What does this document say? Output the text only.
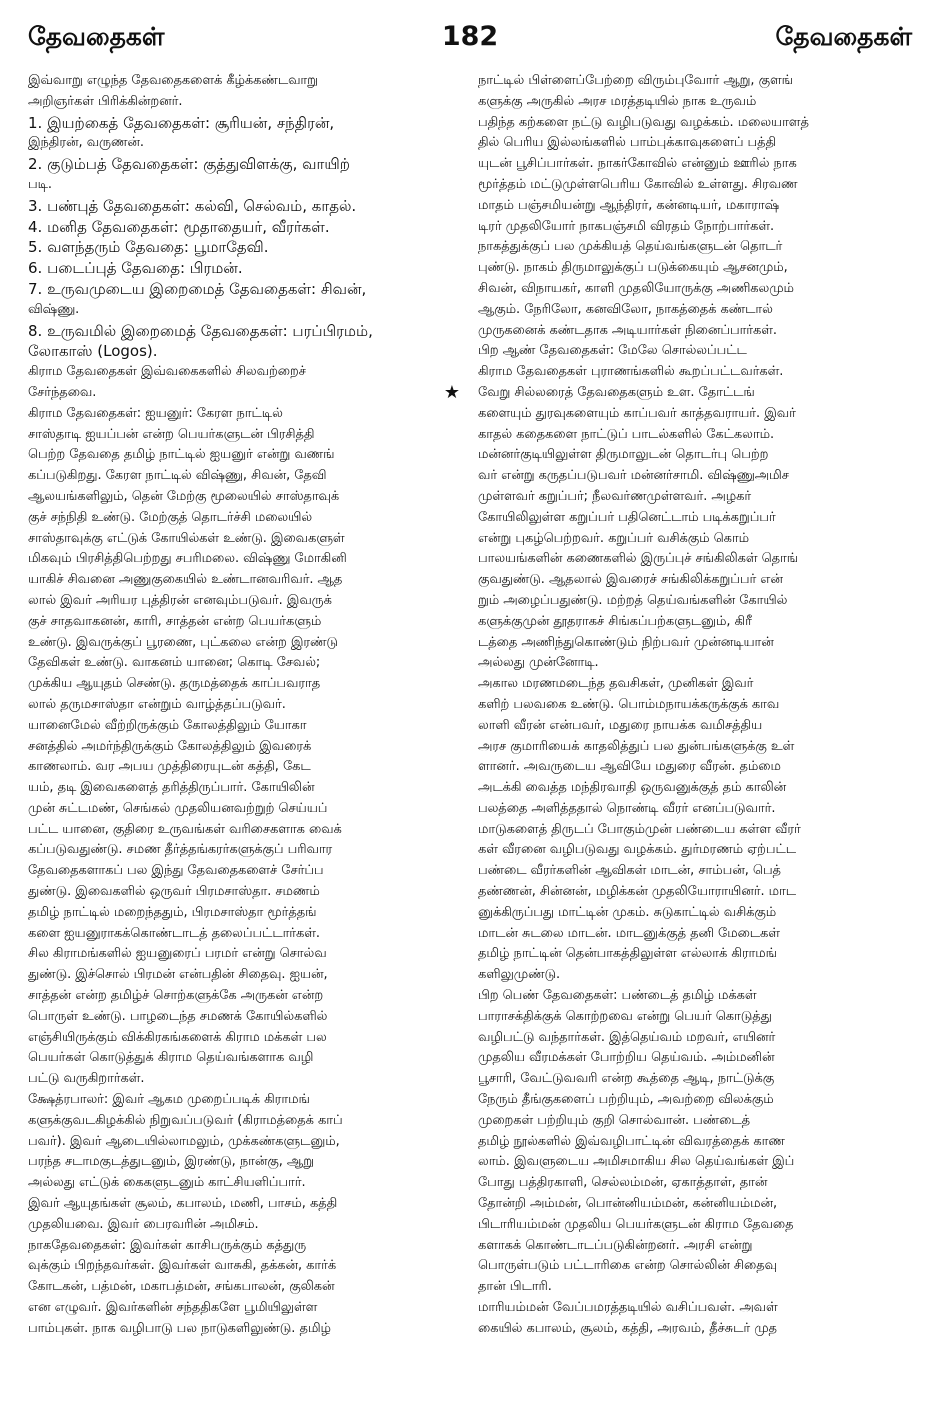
தேவதைகள்	182	தேவதைகள்
இவ்வாறு எழுந்த தேவதைகளைக் கீழ்க்கண்டவாறு
அறிஞர்கள் பிரிக்கின்றனர்.
1. இயற்கைத் தேவதைகள்: சூரியன், சந்திரன்,
இந்திரன், வருணன்.
2. குடும்பத் தேவதைகள்: குத்துவிளக்கு, வாயிற்
படி.
3. பண்புத் தேவதைகள்: கல்வி, செல்வம், காதல்.
4. மனித தேவதைகள்: மூதாதையர், வீரர்கள்.
5. வளந்தரும் தேவதை: பூமாதேவி.
6. படைப்புத் தேவதை: பிரமன்.
7. உருவமுடைய இறைமைத் தேவதைகள்: சிவன்,
விஷ்ணு.
8. உருவமில் இறைமைத் தேவதைகள்: பரப்பிரமம்,
லோகாஸ் (Logos).
கிராம தேவதைகள் இவ்வகைகளில் சிலவற்றைச்
சேர்ந்தவை. ★
கிராம தேவதைகள்: ஐயனுர்: கேரள நாட்டில்
சாஸ்தாடி ஐயப்பன் என்ற பெயர்களுடன் பிரசித்தி
பெற்ற தேவதை தமிழ் நாட்டில் ஐயனுர் என்று வணங்
கப்படுகிறது. கேரள நாட்டில் விஷ்ணு, சிவன், தேவி
ஆலயங்களிலும், தென் மேற்கு மூலையில் சாஸ்தாவுக்
குச் சந்நிதி உண்டு. மேற்குத் தொடர்ச்சி மலையில்
சாஸ்தாவுக்கு எட்டுக் கோயில்கள் உண்டு. இவைகளுள்
மிகவும் பிரசித்திபெற்றது சபரிமலை. விஷ்ணு மோகினி
யாகிச் சிவனை அணுகுகையில் உண்டானவரிவர். ஆத
லால் இவர் அரியர புத்திரன் எனவும்படுவர். இவருக்
குச் சாதவாகனன், காரி, சாத்தன் என்ற பெயர்களும்
உண்டு. இவருக்குப் பூரணை, புட்கலை என்ற இரண்டு
தேவிகள் உண்டு. வாகனம் யானை; கொடி சேவல்;
முக்கிய ஆயுதம் செண்டு. தருமத்தைக் காப்பவராத
லால் தருமசாஸ்தா என்றும் வாழ்த்தப்படுவர்.
யானைமேல் வீற்றிருக்கும் கோலத்திலும் யோகா
சனத்தில் அமர்ந்திருக்கும் கோலத்திலும் இவரைக்
காணலாம். வர அபய முத்திரையுடன் கத்தி, கேட
யம், தடி இவைகளைத் தரித்திருப்பார். கோயிலின்
முன் சுட்டமண், செங்கல் முதலியனவற்றுற் செய்யப்
பட்ட யானை, குதிரை உருவங்கள் வரிசைகளாக வைக்
கப்படுவதுண்டு. சமண தீர்த்தங்கரர்களுக்குப் பரிவார
தேவதைகளாகப் பல இந்து தேவதைகளைச் சேர்ப்ப
துண்டு. இவைகளில் ஒருவர் பிரமசாஸ்தா. சமணம்
தமிழ் நாட்டில் மறைந்ததும், பிரமசாஸ்தா மூர்த்தங்
களை ஐயனுராகக்கொண்டாடத் தலைப்பட்டார்கள்.
சில கிராமங்களில் ஐயனுரைப் பரமர் என்று சொல்வ
துண்டு. இச்சொல் பிரமன் என்பதின் சிதைவு. ஐயன்,
சாத்தன் என்ற தமிழ்ச் சொற்களுக்கே அருகன் என்ற
பொருள் உண்டு. பாழடைந்த சமணக் கோயில்களில்
எஞ்சியிருக்கும் விக்கிரகங்களைக் கிராம மக்கள் பல
பெயர்கள் கொடுத்துக் கிராம தெய்வங்களாக வழி
பட்டு வருகிறார்கள்.
க்ஷேத்ரபாலர்: இவர் ஆகம முறைப்படிக் கிராமங்
களுக்குவடகிழக்கில் நிறுவப்படுவர் (கிராமத்தைக் காப்
பவர்). இவர் ஆடையில்லாமலும், முக்கண்களுடனும்,
பரந்த சடாமகுடத்துடனும், இரண்டு, நான்கு, ஆறு
அல்லது எட்டுக் கைகளுடனும் காட்சியளிப்பார்.
இவர் ஆயுதங்கள் சூலம், கபாலம், மணி, பாசம், கத்தி
முதலியவை. இவர் பைரவரின் அமிசம்.
நாகதேவதைகள்: இவர்கள் காசிபருக்கும் கத்துரு
வுக்கும் பிறந்தவர்கள். இவர்கள் வாசுகி, தக்கன், கார்க்
கோடகன், பத்மன், மகாபத்மன், சங்கபாலன், குலிகன்
என எழுவர். இவர்களின் சந்ததிகளே பூமியிலுள்ள
பாம்புகள். நாக வழிபாடு பல நாடுகளிலுண்டு. தமிழ்
நாட்டில் பிள்ளைப்பேற்றை விரும்புவோர் ஆறு, குளங்
களுக்கு அருகில் அரச மரத்தடியில் நாக உருவம்
பதிந்த கற்களை நட்டு வழிபடுவது வழக்கம். மலையாளத்
தில் பெரிய இல்லங்களில் பாம்புக்காவுகளைப் பத்தி
யுடன் பூசிப்பார்கள். நாகர்கோவில் என்னும் ஊரில் நாக
மூர்த்தம் மட்டுமுள்ளபெரிய கோவில் உள்ளது. சிரவண
மாதம் பஞ்சமியன்று ஆந்திரர், கன்னடியர், மகாராஷ்
டிரர் முதலியோர் நாகபஞ்சமி விரதம் நோற்பார்கள்.
நாகத்துக்குப் பல முக்கியத் தெய்வங்களுடன் தொடர்
புண்டு. நாகம் திருமாலுக்குப் படுக்கையும் ஆசனமும்,
சிவன், விநாயகர், காளி முதலியோருக்கு அணிகலமும்
ஆகும். நேரிலோ, கனவிலோ, நாகத்தைக் கண்டால்
முருகனைக் கண்டதாக அடியார்கள் நினைப்பார்கள்.
பிற ஆண் தேவதைகள்: மேலே சொல்லப்பட்ட
கிராம தேவதைகள் புராணங்களில் கூறப்பட்டவர்கள்.
வேறு சில்லரைத் தேவதைகளும் உள. தோட்டங்
களையும் துரவுகளையும் காப்பவர் காத்தவராயர். இவர்
காதல் கதைகளை நாட்டுப் பாடல்களில் கேட்கலாம்.
மன்னர்குடியிலுள்ள திருமாலுடன் தொடர்பு பெற்ற
வர் என்று கருதப்படுபவர் மன்னர்சாமி. விஷ்ணுஅமிச
முள்ளவர் கறுப்பர்; நீலவர்ணமுள்ளவர். அழகர்
கோயிலிலுள்ள கறுப்பர் பதினெட்டாம் படிக்கறுப்பர்
என்று புகழ்பெற்றவர். கறுப்பர் வசிக்கும் கொம்
பாலயங்களின் கணைகளில் இருப்புச் சங்கிலிகள் தொங்
குவதுண்டு. ஆதலால் இவரைச் சங்கிலிக்கறுப்பர் என்
றும் அழைப்பதுண்டு. மற்றத் தெய்வங்களின் கோயில்
களுக்குமுன் தூதராகச் சிங்கப்பற்களுடனும், கிரீ
டத்தை அணிந்துகொண்டும் நிற்பவர் முன்னடியான்
அல்லது முன்னோடி.
அகால மரணமடைந்த தவசிகள், முனிகள் இவர்
களிற் பலவகை உண்டு. பொம்மநாயக்கருக்குக் காவ
லாளி வீரன் என்பவர், மதுரை நாயக்க வமிசத்திய
அரச குமாரியைக் காதலித்துப் பல துன்பங்களுக்கு உள்
ளானர். அவருடைய ஆவியே மதுரை வீரன். தம்மை
அடக்கி வைத்த மந்திரவாதி ஒருவனுக்குத் தம் காலின்
பலத்தை அளித்ததால் நொண்டி வீரர் எனப்படுவார்.
மாடுகளைத் திருடப் போகும்முன் பண்டைய கள்ள வீரர்
கள் வீரனை வழிபடுவது வழக்கம். துர்மரணம் ஏற்பட்ட
பண்டை வீரர்களின் ஆவிகள் மாடன், சாம்பன், பெத்
தண்ணன், சின்னன், மழிக்கன் முதலியோராயினர். மாட
னுக்கிருப்பது மாட்டின் முகம். சுடுகாட்டில் வசிக்கும்
மாடன் சுடலை மாடன். மாடனுக்குத் தனி மேடைகள்
தமிழ் நாட்டின் தென்பாகத்திலுள்ள எல்லாக் கிராமங்
களிலுமுண்டு.
பிற பெண் தேவதைகள்: பண்டைத் தமிழ் மக்கள்
பாராசக்திக்குக் கொற்றவை என்று பெயர் கொடுத்து
வழிபட்டு வந்தார்கள். இத்தெய்வம் மறவர், எயினர்
முதலிய வீரமக்கள் போற்றிய தெய்வம். அம்மனின்
பூசாரி, வேட்டுவவரி என்ற கூத்தை ஆடி, நாட்டுக்கு
நேரும் தீங்குகளைப் பற்றியும், அவற்றை விலக்கும்
முறைகள் பற்றியும் குறி சொல்வான். பண்டைத்
தமிழ் நூல்களில் இவ்வழிபாட்டின் விவரத்தைக் காண
லாம். இவளுடைய அமிசமாகிய சில தெய்வங்கள் இப்
போது பத்திரகாளி, செல்லம்மன், ஏகாத்தாள், தான்
தோன்றி அம்மன், பொன்னியம்மன், கன்னியம்மன்,
பிடாரியம்மன் முதலிய பெயர்களுடன் கிராம தேவதை
களாகக் கொண்டாடப்படுகின்றனர். அரசி என்று
பொருள்படும் பட்டாரிகை என்ற சொல்லின் சிதைவு
தான் பிடாரி.
மாரியம்மன் வேப்பமரத்தடியில் வசிப்பவள். அவள்
கையில் கபாலம், சூலம், கத்தி, அரவம், தீச்சுடர் முத
